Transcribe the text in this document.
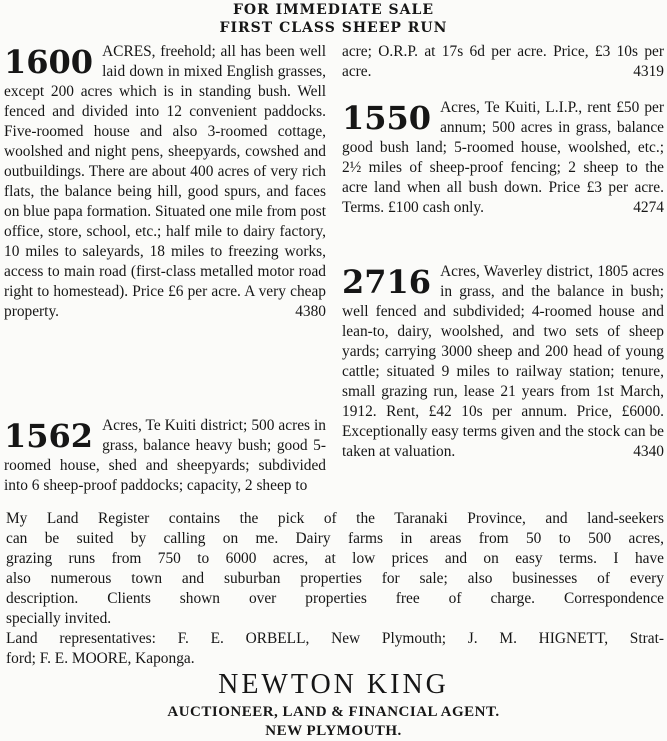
FOR IMMEDIATE SALE
FIRST CLASS SHEEP RUN
1600 ACRES, freehold; all has been well laid down in mixed English grasses, except 200 acres which is in standing bush. Well fenced and divided into 12 convenient paddocks. Five-roomed house and also 3-roomed cottage, woolshed and night pens, sheepyards, cowshed and outbuildings. There are about 400 acres of very rich flats, the balance being hill, good spurs, and faces on blue papa formation. Situated one mile from post office, store, school, etc.; half mile to dairy factory, 10 miles to saleyards, 18 miles to freezing works, access to main road (first-class metalled motor road right to homestead). Price £6 per acre. A very cheap property.	4380
1562 Acres, Te Kuiti district; 500 acres in grass, balance heavy bush; good 5-roomed house, shed and sheepyards; subdivided into 6 sheep-proof paddocks; capacity, 2 sheep to
acre; O.R.P. at 17s 6d per acre. Price, £3 10s per acre.	4319
1550 Acres, Te Kuiti, L.I.P., rent £50 per annum; 500 acres in grass, balance good bush land; 5-roomed house, woolshed, etc.; 2½ miles of sheep-proof fencing; 2 sheep to the acre land when all bush down. Price £3 per acre. Terms. £100 cash only.	4274
2716 Acres, Waverley district, 1805 acres in grass, and the balance in bush; well fenced and subdivided; 4-roomed house and lean-to, dairy, woolshed, and two sets of sheep yards; carrying 3000 sheep and 200 head of young cattle; situated 9 miles to railway station; tenure, small grazing run, lease 21 years from 1st March, 1912. Rent, £42 10s per annum. Price, £6000. Exceptionally easy terms given and the stock can be taken at valuation.	4340
My Land Register contains the pick of the Taranaki Province, and land-seekers
can be suited by calling on me. Dairy farms in areas from 50 to 500 acres,
grazing runs from 750 to 6000 acres, at low prices and on easy terms. I have
also numerous town and suburban properties for sale; also businesses of every
description. Clients shown over properties free of charge. Correspondence
specially invited.
Land representatives: F. E. ORBELL, New Plymouth; J. M. HIGNETT, Strat-
ford; F. E. MOORE, Kaponga.
NEWTON KING
AUCTIONEER, LAND & FINANCIAL AGENT.
NEW PLYMOUTH.
